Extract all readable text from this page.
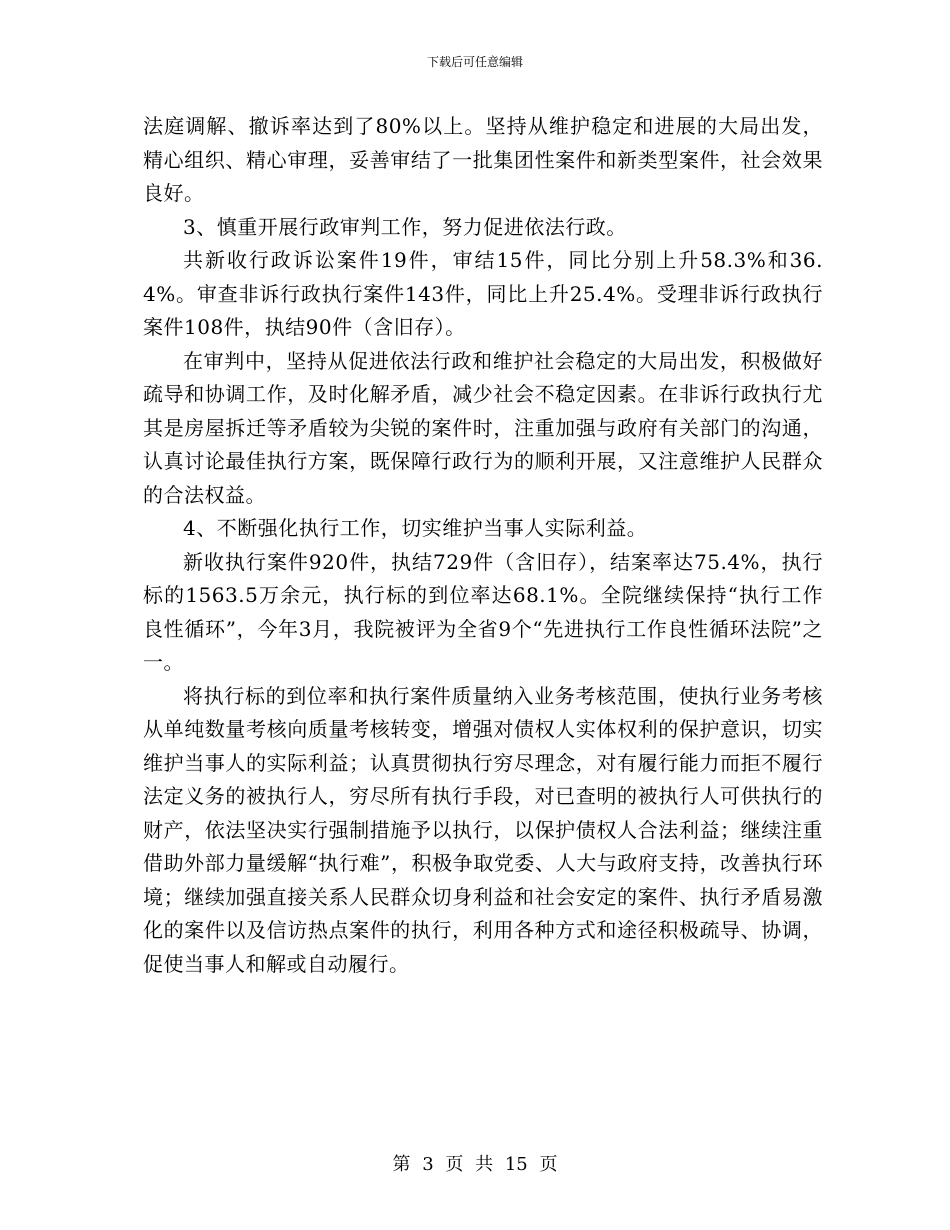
下载后可任意编辑

法庭调解、撤诉率达到了80%以上。坚持从维护稳定和进展的大局出发，精心组织、精心审理，妥善审结了一批集团性案件和新类型案件，社会效果良好。

3、慎重开展行政审判工作，努力促进依法行政。

共新收行政诉讼案件19件，审结15件，同比分别上升58.3%和36.4%。审查非诉行政执行案件143件，同比上升25.4%。受理非诉行政执行案件108件，执结90件（含旧存）。

在审判中，坚持从促进依法行政和维护社会稳定的大局出发，积极做好疏导和协调工作，及时化解矛盾，减少社会不稳定因素。在非诉行政执行尤其是房屋拆迁等矛盾较为尖锐的案件时，注重加强与政府有关部门的沟通，认真讨论最佳执行方案，既保障行政行为的顺利开展，又注意维护人民群众的合法权益。

4、不断强化执行工作，切实维护当事人实际利益。

新收执行案件920件，执结729件（含旧存），结案率达75.4%，执行标的1563.5万余元，执行标的到位率达68.1%。全院继续保持“执行工作良性循环”，今年3月，我院被评为全省9个“先进执行工作良性循环法院”之一。

将执行标的到位率和执行案件质量纳入业务考核范围，使执行业务考核从单纯数量考核向质量考核转变，增强对债权人实体权利的保护意识，切实维护当事人的实际利益；认真贯彻执行穷尽理念，对有履行能力而拒不履行法定义务的被执行人，穷尽所有执行手段，对已查明的被执行人可供执行的财产，依法坚决实行强制措施予以执行，以保护债权人合法利益；继续注重借助外部力量缓解“执行难”，积极争取党委、人大与政府支持，改善执行环境；继续加强直接关系人民群众切身利益和社会安定的案件、执行矛盾易激化的案件以及信访热点案件的执行，利用各种方式和途径积极疏导、协调，促使当事人和解或自动履行。

第 3 页 共 15 页
